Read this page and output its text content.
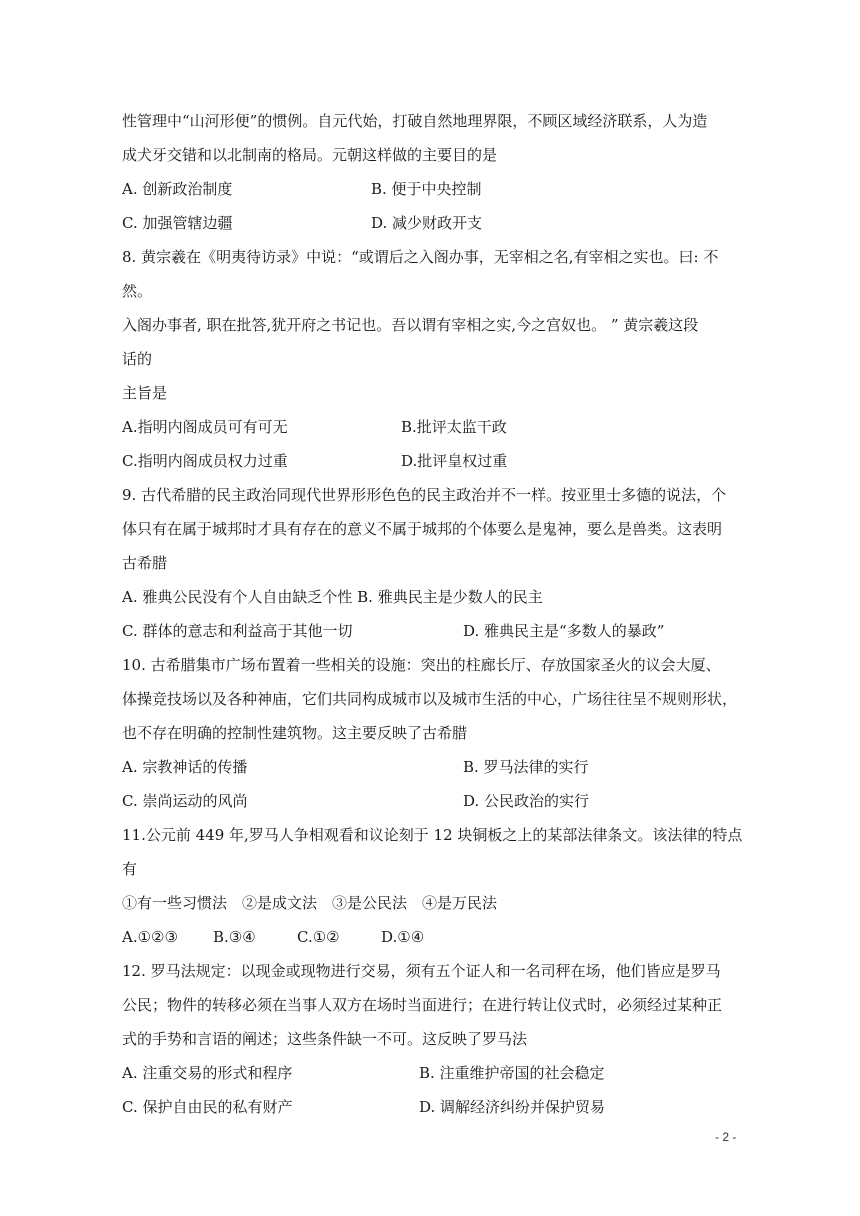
性管理中“山河形便”的惯例。自元代始，打破自然地理界限，不顾区域经济联系，人为造
成犬牙交错和以北制南的格局。元朝这样做的主要目的是
A. 创新政治制度	B. 便于中央控制
C. 加强管辖边疆	D. 减少财政开支
8. 黄宗羲在《明夷待访录》中说：“或谓后之入阁办事，无宰相之名,有宰相之实也。曰: 不
然。
入阁办事者, 职在批答,犹开府之书记也。吾以谓有宰相之实,今之宫奴也。 ” 黄宗羲这段
话的
主旨是
A.指明内阁成员可有可无	B.批评太监干政
C.指明内阁成员权力过重	D.批评皇权过重
9. 古代希腊的民主政治同现代世界形形色色的民主政治并不一样。按亚里士多德的说法，个
体只有在属于城邦时才具有存在的意义不属于城邦的个体要么是鬼神，要么是兽类。这表明
古希腊
A. 雅典公民没有个人自由缺乏个性 B. 雅典民主是少数人的民主
C. 群体的意志和利益高于其他一切	D. 雅典民主是“多数人的暴政”
10. 古希腊集市广场布置着一些相关的设施：突出的柱廊长厅、存放国家圣火的议会大厦、
体操竞技场以及各种神庙，它们共同构成城市以及城市生活的中心，广场往往呈不规则形状，
也不存在明确的控制性建筑物。这主要反映了古希腊
A. 宗教神话的传播	B. 罗马法律的实行
C. 崇尚运动的风尚	D. 公民政治的实行
11.公元前 449 年,罗马人争相观看和议论刻于 12 块铜板之上的某部法律条文。该法律的特点
有
①有一些习惯法　②是成文法　③是公民法　④是万民法
A.①②③ B.③④	C.①②	D.①④
12. 罗马法规定：以现金或现物进行交易，须有五个证人和一名司秤在场，他们皆应是罗马
公民；物件的转移必须在当事人双方在场时当面进行；在进行转让仪式时，必须经过某种正
式的手势和言语的阐述；这些条件缺一不可。这反映了罗马法
A. 注重交易的形式和程序	B. 注重维护帝国的社会稳定
C. 保护自由民的私有财产	D. 调解经济纠纷并保护贸易
- 2 -
